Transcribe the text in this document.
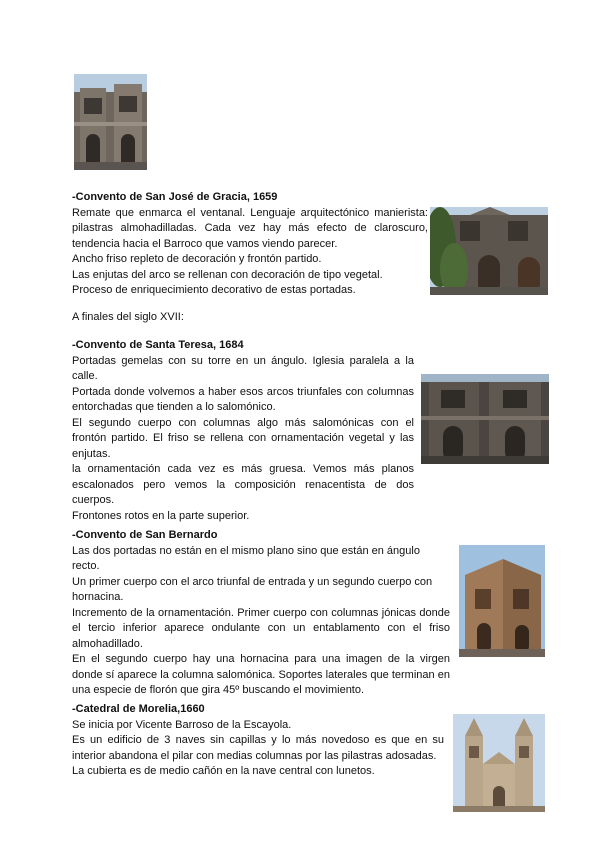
-Convento de San José de Gracia, 1659

Remate que enmarca el ventanal. Lenguaje arquitectónico manierista: pilastras almohadilladas. Cada vez hay más efecto de claroscuro, tendencia hacia el Barroco que vamos viendo parecer.

Ancho friso repleto de decoración y frontón partido.

Las enjutas del arco se rellenan con decoración de tipo vegetal.

Proceso de enriquecimiento decorativo de estas portadas.

A finales del siglo XVII:

-Convento de Santa Teresa, 1684

Portadas gemelas con su torre en un ángulo. Iglesia paralela a la calle.

Portada donde volvemos a haber esos arcos triunfales con columnas entorchadas que tienden a lo salomónico.

El segundo cuerpo con columnas algo más salomónicas con el frontón partido. El friso se rellena con ornamentación vegetal y las enjutas.

la ornamentación cada vez es más gruesa. Vemos más planos escalonados pero vemos la composición renacentista de dos cuerpos.

Frontones rotos en la parte superior.

-Convento de San Bernardo

Las dos portadas no están en el mismo plano sino que están en ángulo recto.

Un primer cuerpo con el arco triunfal de entrada y un segundo cuerpo con hornacina.

Incremento de la ornamentación. Primer cuerpo con columnas jónicas donde el tercio inferior aparece ondulante con un entablamento con el friso almohadillado.

En el segundo cuerpo hay una hornacina para una imagen de la virgen donde sí aparece la columna salomónica. Soportes laterales que terminan en una especie de florón que gira 45º buscando el movimiento.

-Catedral de Morelia,1660

Se inicia por Vicente Barroso de la Escayola.

Es un edificio de 3 naves sin capillas y lo más novedoso es que en su interior abandona el pilar con medias columnas por las pilastras adosadas.

La cubierta es de medio cañón en la nave central con lunetos.
